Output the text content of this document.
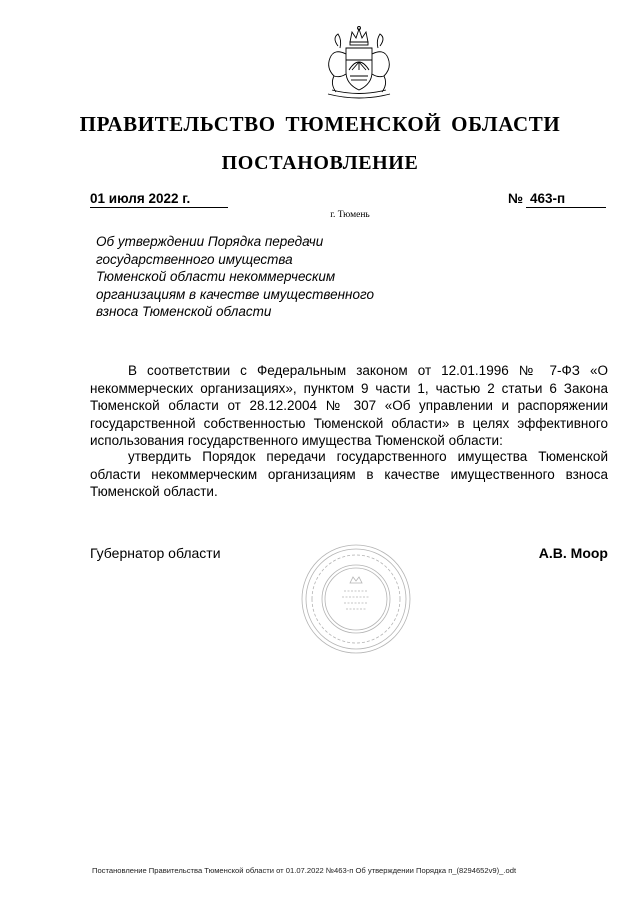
ПРАВИТЕЛЬСТВО ТЮМЕНСКОЙ ОБЛАСТИ
ПОСТАНОВЛЕНИЕ
01 июля 2022 г.	№ 463-п
г. Тюмень
Об утверждении Порядка передачи
государственного имущества
Тюменской области некоммерческим
организациям в качестве имущественного
взноса Тюменской области

В соответствии с Федеральным законом от 12.01.1996 № 7-ФЗ «О некоммерческих организациях», пунктом 9 части 1, частью 2 статьи 6 Закона Тюменской области от 28.12.2004 № 307 «Об управлении и распоряжении государственной собственностью Тюменской области» в целях эффективного использования государственного имущества Тюменской области:

утвердить Порядок передачи государственного имущества Тюменской области некоммерческим организациям в качестве имущественного взноса Тюменской области.

Губернатор области	А.В. Моор
Постановление Правительства Тюменской области от 01.07.2022 №463-п Об утверждении Порядка п_(8294652v9)_.odt
